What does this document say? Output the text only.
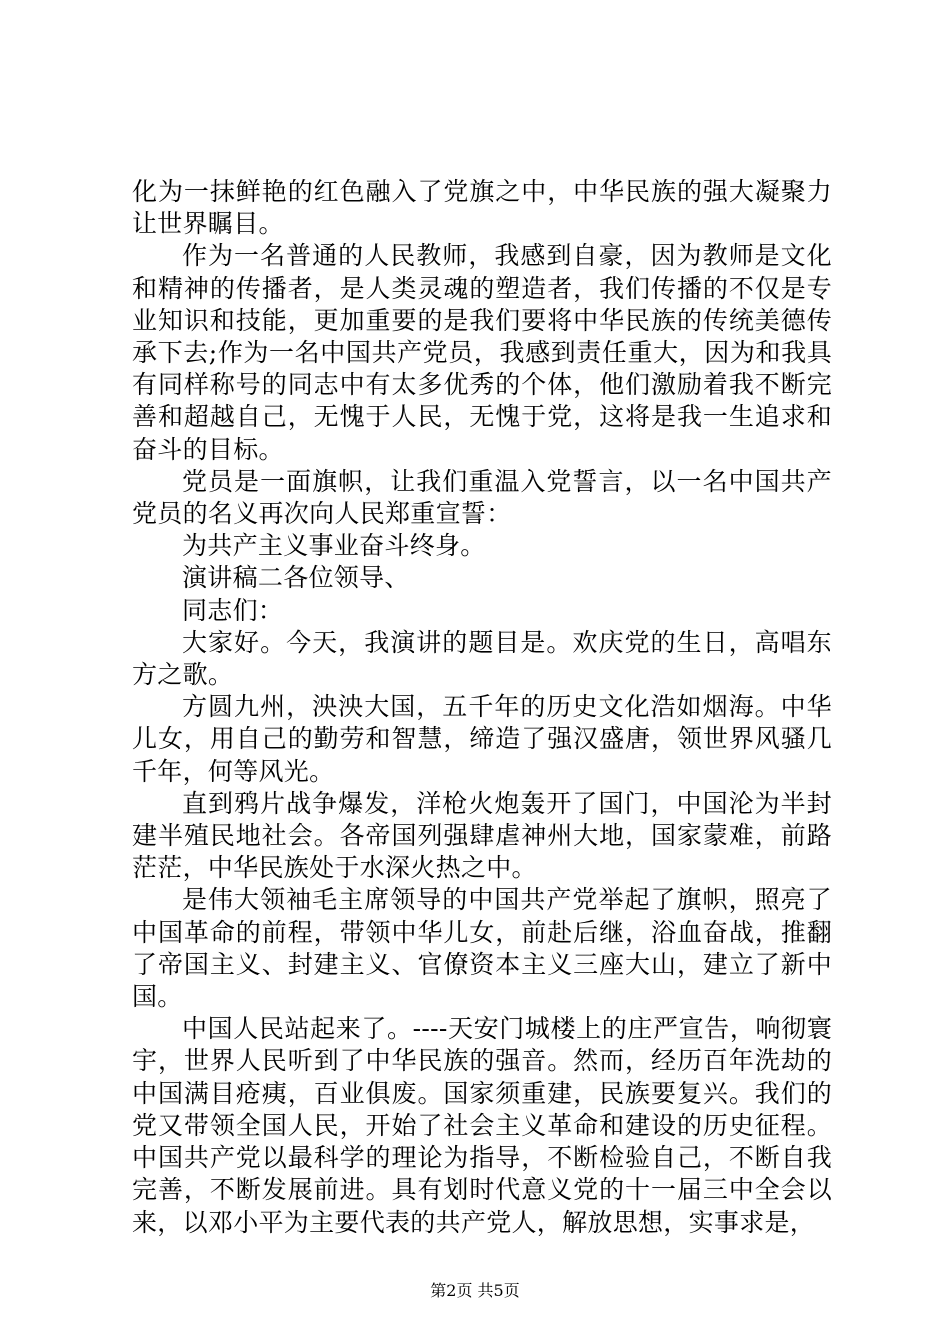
化为一抹鲜艳的红色融入了党旗之中，中华民族的强大凝聚力让世界瞩目。

作为一名普通的人民教师，我感到自豪，因为教师是文化和精神的传播者，是人类灵魂的塑造者，我们传播的不仅是专业知识和技能，更加重要的是我们要将中华民族的传统美德传承下去;作为一名中国共产党员，我感到责任重大，因为和我具有同样称号的同志中有太多优秀的个体，他们激励着我不断完善和超越自己，无愧于人民，无愧于党，这将是我一生追求和奋斗的目标。

党员是一面旗帜，让我们重温入党誓言，以一名中国共产党员的名义再次向人民郑重宣誓：

为共产主义事业奋斗终身。

演讲稿二各位领导、

同志们：

大家好。今天，我演讲的题目是。欢庆党的生日，高唱东方之歌。

方圆九州，泱泱大国，五千年的历史文化浩如烟海。中华儿女，用自己的勤劳和智慧，缔造了强汉盛唐，领世界风骚几千年，何等风光。

直到鸦片战争爆发，洋枪火炮轰开了国门，中国沦为半封建半殖民地社会。各帝国列强肆虐神州大地，国家蒙难，前路茫茫，中华民族处于水深火热之中。

是伟大领袖毛主席领导的中国共产党举起了旗帜，照亮了中国革命的前程，带领中华儿女，前赴后继，浴血奋战，推翻了帝国主义、封建主义、官僚资本主义三座大山，建立了新中国。

中国人民站起来了。----天安门城楼上的庄严宣告，响彻寰宇，世界人民听到了中华民族的强音。然而，经历百年洗劫的中国满目疮痍，百业俱废。国家须重建，民族要复兴。我们的党又带领全国人民，开始了社会主义革命和建设的历史征程。中国共产党以最科学的理论为指导，不断检验自己，不断自我完善，不断发展前进。具有划时代意义党的十一届三中全会以来，以邓小平为主要代表的共产党人，解放思想，实事求是，

第2页 共5页
